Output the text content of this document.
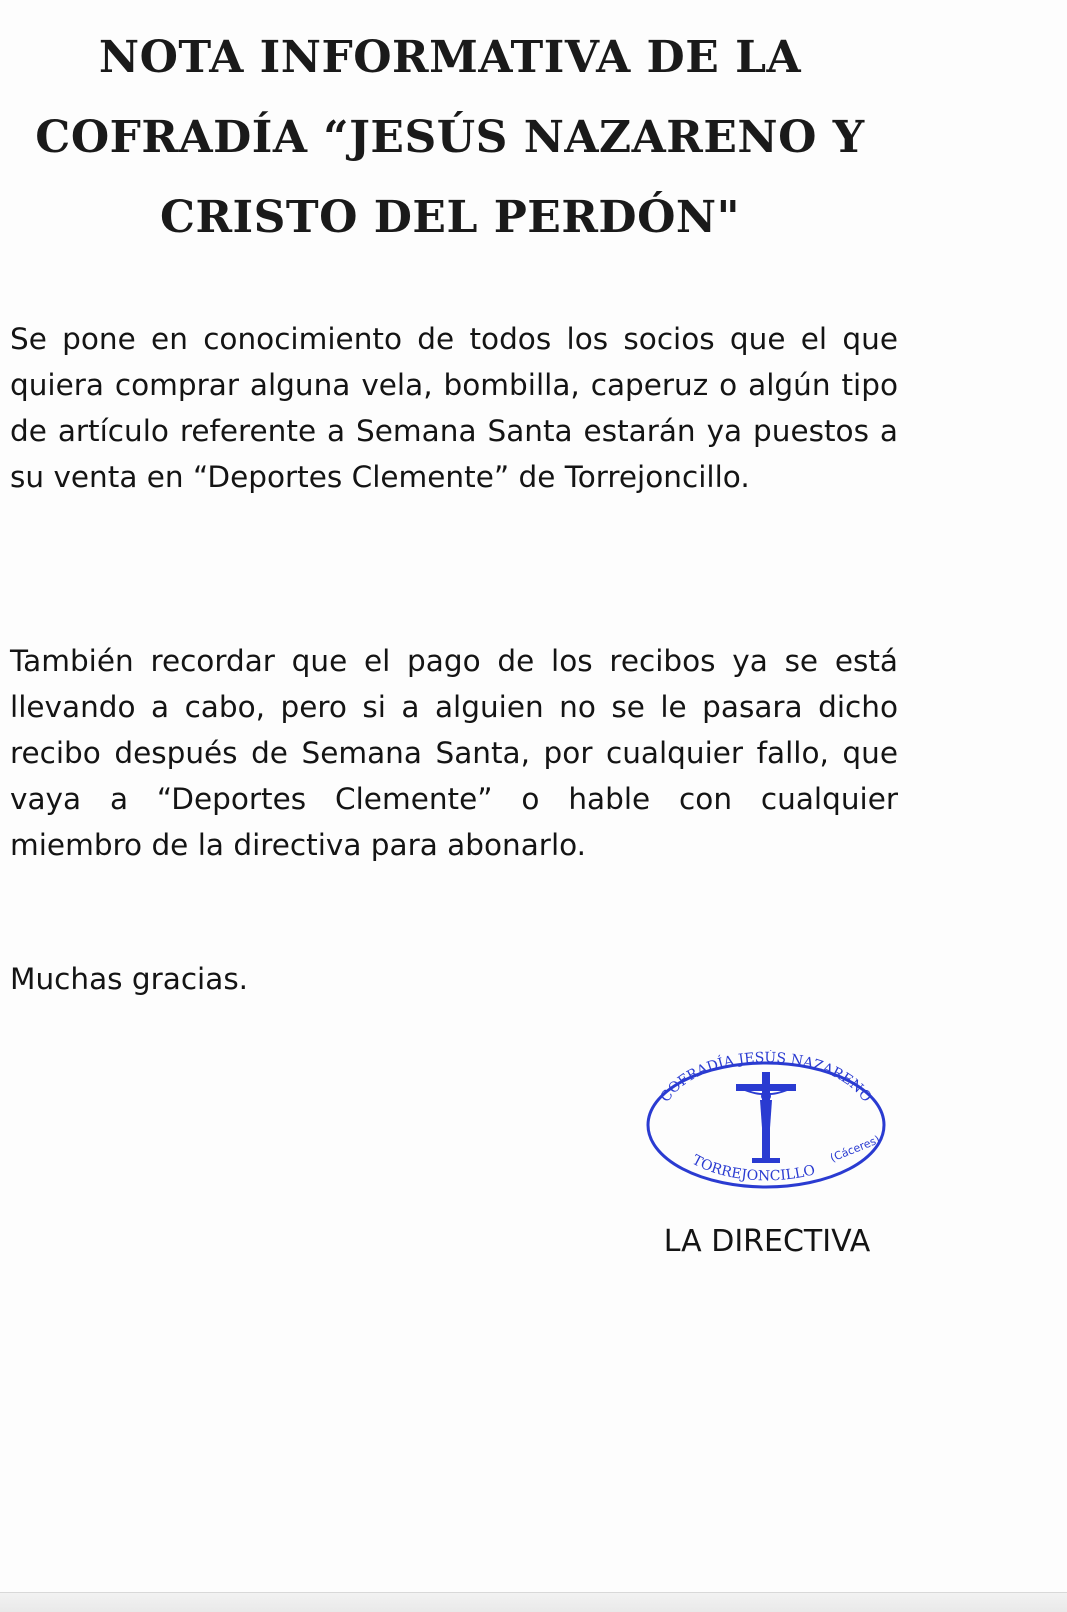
NOTA INFORMATIVA DE LA
COFRADÍA “JESÚS NAZARENO Y
CRISTO DEL PERDÓN"

Se pone en conocimiento de todos los socios que el que quiera comprar alguna vela, bombilla, caperuz o algún tipo de artículo referente a Semana Santa estarán ya puestos a su venta en “Deportes Clemente” de Torrejoncillo.

También recordar que el pago de los recibos ya se está llevando a cabo, pero si a alguien no se le pasara dicho recibo después de Semana Santa, por cualquier fallo, que vaya a “Deportes Clemente” o hable con cualquier miembro de la directiva para abonarlo.

Muchas gracias.

COFRADÍA JESÚS NAZARENO
TORREJONCILLO
(Cáceres)

LA DIRECTIVA
